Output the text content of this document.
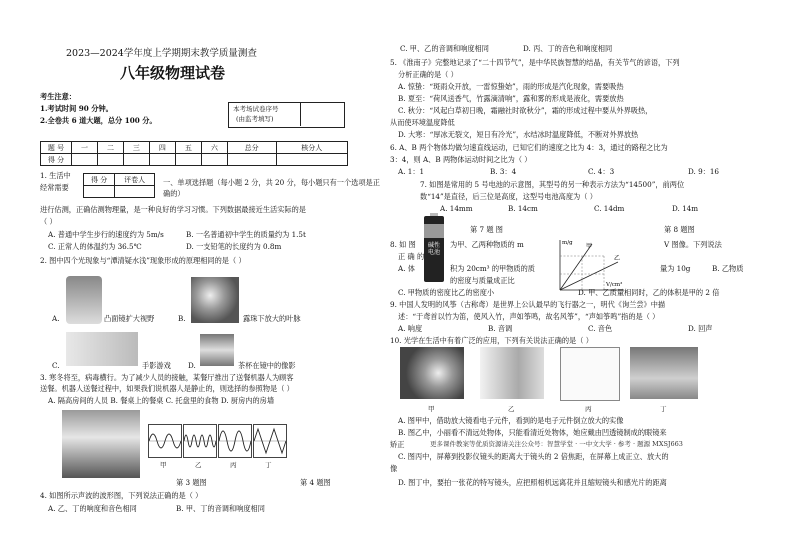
2023—2024学年度上学期期末教学质量测查
八年级物理试卷
考生注意：
1.考试时间 90 分钟。
2.全卷共 6 道大题，总分 100 分。
本考场试卷序号
(由监考填写)
题 号	一	二	三	四	五	六	总分	核分人
得 分								
1. 生活中
经常需要
得 分	评卷人
	一、单项选择题（每小题 2 分，共 20 分，每小题只有一个选项是正
确的）
进行估测，正确估测物理量，是一种良好的学习习惯。下列数据最接近生活实际的是
（ ）
A. 普通中学生步行的速度约为 5m/s	B. 一名普通初中学生的质量约为 1.5t
C. 正常人的体温约为 36.5℃	D. 一支铅笔的长度约为 0.8m
2. 图中四个光现象与“潭清疑水浅”现象形成的原理相同的是（ ）
A.	凸面镜扩大视野	B.	露珠下放大的叶脉
C.	手影游戏 D.	茶杯在镜中的像影
3. 寒冬将至，病毒横行。为了减少人员的接触，某餐厅推出了送餐机器人为顾客
送餐。机器人送餐过程中，如果我们说机器人是静止的，则选择的参照物是（ ）
A. 隔高房间的人员 B. 餐桌上的餐桌 C. 托盘里的食物 D. 厨房内的房墙
甲	乙	丙	丁
第 3 题图	第 4 题图
4. 如图所示声波的波形图，下列说法正确的是（ ）
A. 乙、丁的响度和音色相同	B. 甲、丁的音调和响度相同
C. 甲、乙的音调和响度相同	D. 丙、丁的音色和响度相同
5. 《淮南子》完整地记录了“二十四节气”，是中华民族智慧的结晶，有关节气的谚语，下列
分析正确的是（ ）
A. 惊蛰：“斑雨众开放，一雷惊蛰始”，雨的形成是汽化现象，需要吸热
B. 夏至：“荷风送香气，竹露滴清响”，露和雾的形成是液化，需要放热
C. 秋分：“风起白草初日晚，霜融社时欲秋分”，霜的形成过程中要从外界吸热，
从而使环境温度降低
D. 大寒：“厚冰无裂文，短日有冷光”，水结冰时温度降低，不断对外界放热
6. A、B 两个物体均做匀速直线运动，已知它们的速度之比为 4：3，通过的路程之比为
3：4，则 A、B 两物体运动时间之比为（ ）
A. 1：1	B. 3：4	C. 4：3	D. 9：16
7. 如图是常用的 5 号电池的示意图，其型号的另一种表示方法为“14500”，前两位
数“14”是直径，后三位是高度，这型号电池高度为（ ）
A. 14mm	B. 14cm	C. 14dm	D. 14m
碱性电池
第 7 题 图	第 8 题图
m/g
V/cm³
甲
乙
8. 如 图	为甲、乙两种物质的 m	V 图像。下列说法
正 确 的
A. 体	积为 20cm³ 的甲物质的质	量为 10g	B. 乙物质
的密度与质量成正比
C. 甲物质的密度比乙的密度小	D. 甲、乙质量相同时，乙的体积是甲的 2 倍
9. 中国人发明的风筝（古称鸢）是世界上公认最早的飞行器之一，明代《询兰尝》中描
述：“于鸢首以竹为笛，使风入竹，声如筝鸣，故名风筝”，“声如筝鸣”指的是（ ）
A. 响度	B. 音调	C. 音色	D. 回声
10. 光学在生活中有着广泛的应用，下列有关说法正确的是（ ）
甲	乙	丙	丁
A. 图甲中，借助放大镜看电子元件，看到的是电子元件倒立放大的实像
B. 图乙中，小丽看不清远处物体，只能看清近处物体，她应戴由凹透镜制成的眼镜来
矫正	更多课件教案等优质资源请关注公众号：智慧学堂 · 一中文大学 · 参考 · 题源 MXSJ663
C. 图丙中，屏幕到投影仪镜头的距离大于镜头的 2 倍焦距，在屏幕上成正立、放大的
像
D. 图丁中，要拍一张花的特写镜头，应把照相机远离花并且缩短镜头和感光片的距离
